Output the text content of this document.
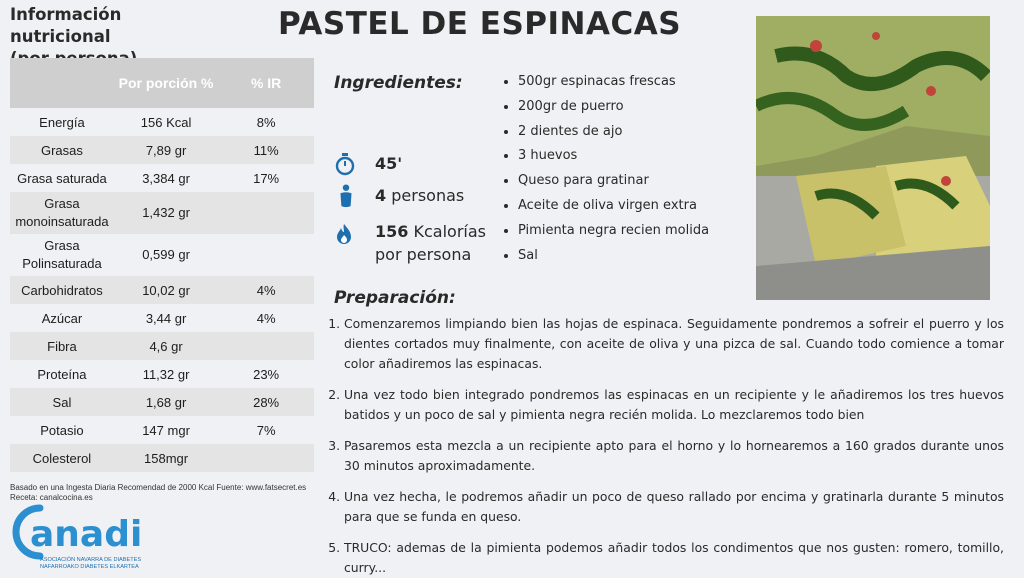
Información nutricional
	Por porción %	% IR
Energía	156 Kcal	8%
Grasas	7,89 gr	11%
Grasa saturada	3,384 gr	17%
Grasa monoinsaturada	1,432 gr	
Grasa Polinsaturada	0,599 gr	
Carbohidratos	10,02 gr	4%
Azúcar	3,44 gr	4%
Fibra	4,6 gr	
Proteína	11,32 gr	23%
Sal	1,68 gr	28%
Potasio	147 mgr	7%
Colesterol	158mgr	
Basado en una Ingesta Diaria Recomendad de 2000 Kcal Fuente: www.fatsecret.es
Receta: canalcocina.es
anadi
ASOCIACIÓN NAVARRA DE DIABETES
NAFARROAKO DIABETES ELKARTEA
PASTEL DE ESPINACAS
Ingredientes:	• 500gr espinacas frescas
• 200gr de puerro
• 2 dientes de ajo
• 3 huevos
• Queso para gratinar
• Aceite de oliva virgen extra
• Pimienta negra recien molida
• Sal
45'
4 personas
156 Kcalorías
por persona
Preparación:
1. Comenzaremos limpiando bien las hojas de espinaca. Seguidamente pondremos a sofreir el puerro y los dientes cortados muy finalmente, con aceite de oliva y una pizca de sal. Cuando todo comience a tomar color añadiremos las espinacas.
2. Una vez todo bien integrado pondremos las espinacas en un recipiente y le añadiremos los tres huevos batidos y un poco de sal y pimienta negra recién molida. Lo mezclaremos todo bien
3. Pasaremos esta mezcla a un recipiente apto para el horno y lo hornearemos a 160 grados durante unos 30 minutos aproximadamente.
4. Una vez hecha, le podremos añadir un poco de queso rallado por encima y gratinarla durante 5 minutos para que se funda en queso.
5. TRUCO: ademas de la pimienta podemos añadir todos los condimentos que nos gusten: romero, tomillo, curry...
